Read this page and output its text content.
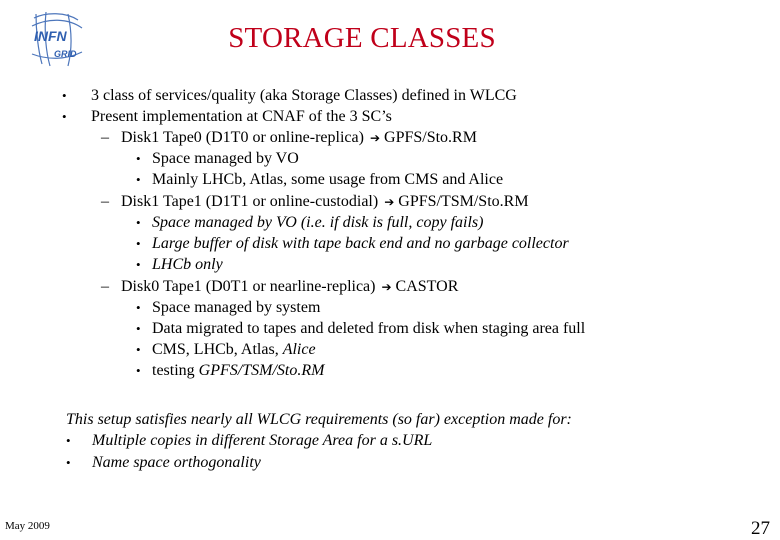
INFN
GRID	STORAGE CLASSES
•	3 class of services/quality (aka Storage Classes) defined in WLCG
•	Present implementation at CNAF of the 3 SC’s
– Disk1 Tape0 (D1T0 or online-replica) ➔ GPFS/Sto.RM
• Space managed by VO
• Mainly LHCb, Atlas, some usage from CMS and Alice
– Disk1 Tape1 (D1T1 or online-custodial) ➔ GPFS/TSM/Sto.RM
• Space managed by VO (i.e. if disk is full, copy fails)
• Large buffer of disk with tape back end and no garbage collector
• LHCb only
– Disk0 Tape1 (D0T1 or nearline-replica) ➔ CASTOR
• Space managed by system
• Data migrated to tapes and deleted from disk when staging area full
• CMS, LHCb, Atlas, Alice
• testing GPFS/TSM/Sto.RM
This setup satisfies nearly all WLCG requirements (so far) exception made for:
•	Multiple copies in different Storage Area for a s.URL
•	Name space orthogonality
May 2009	27
